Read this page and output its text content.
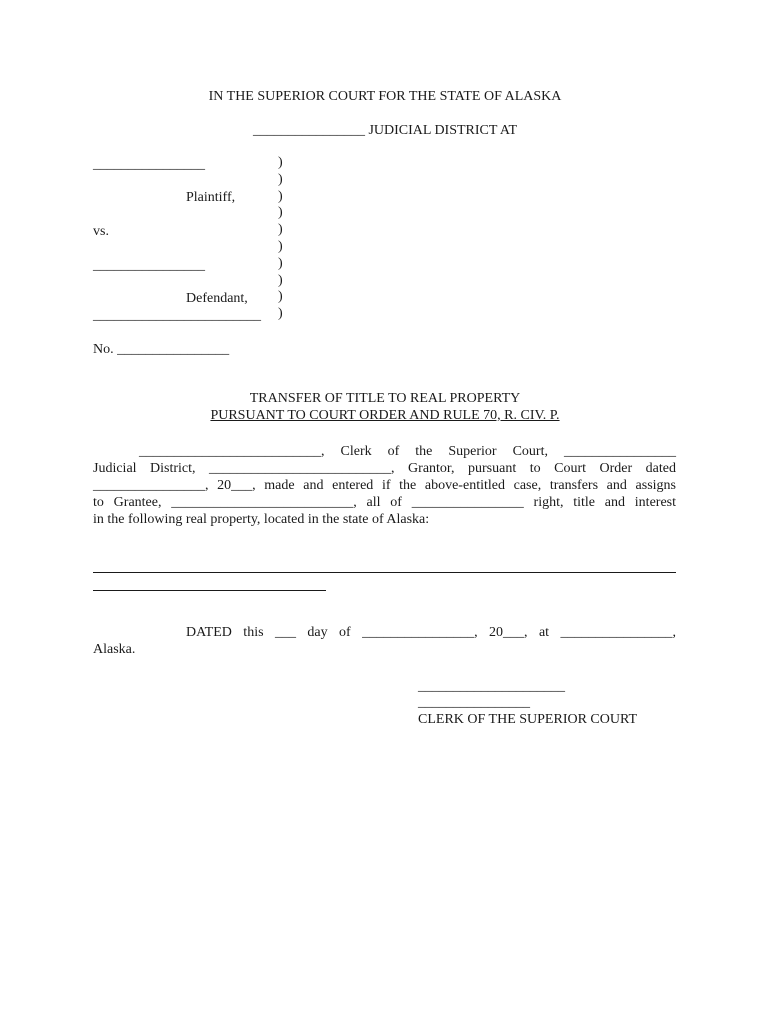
IN THE SUPERIOR COURT FOR THE STATE OF ALASKA
________________ JUDICIAL DISTRICT AT
________________
Plaintiff,
vs.
________________
Defendant,
________________________
)
)
)
)
)
)
)
)
)
)
No. ________________
TRANSFER OF TITLE TO REAL PROPERTY
PURSUANT TO COURT ORDER AND RULE 70, R. CIV. P.
__________________________, Clerk of the Superior Court, ________________
Judicial District, __________________________, Grantor, pursuant to Court Order dated
________________, 20___, made and entered if the above-entitled case, transfers and assigns
to Grantee, __________________________, all of ________________ right, title and interest
in the following real property, located in the state of Alaska:
DATED this ___ day of ________________, 20___, at ________________,
Alaska.
_____________________
________________
CLERK OF THE SUPERIOR COURT
